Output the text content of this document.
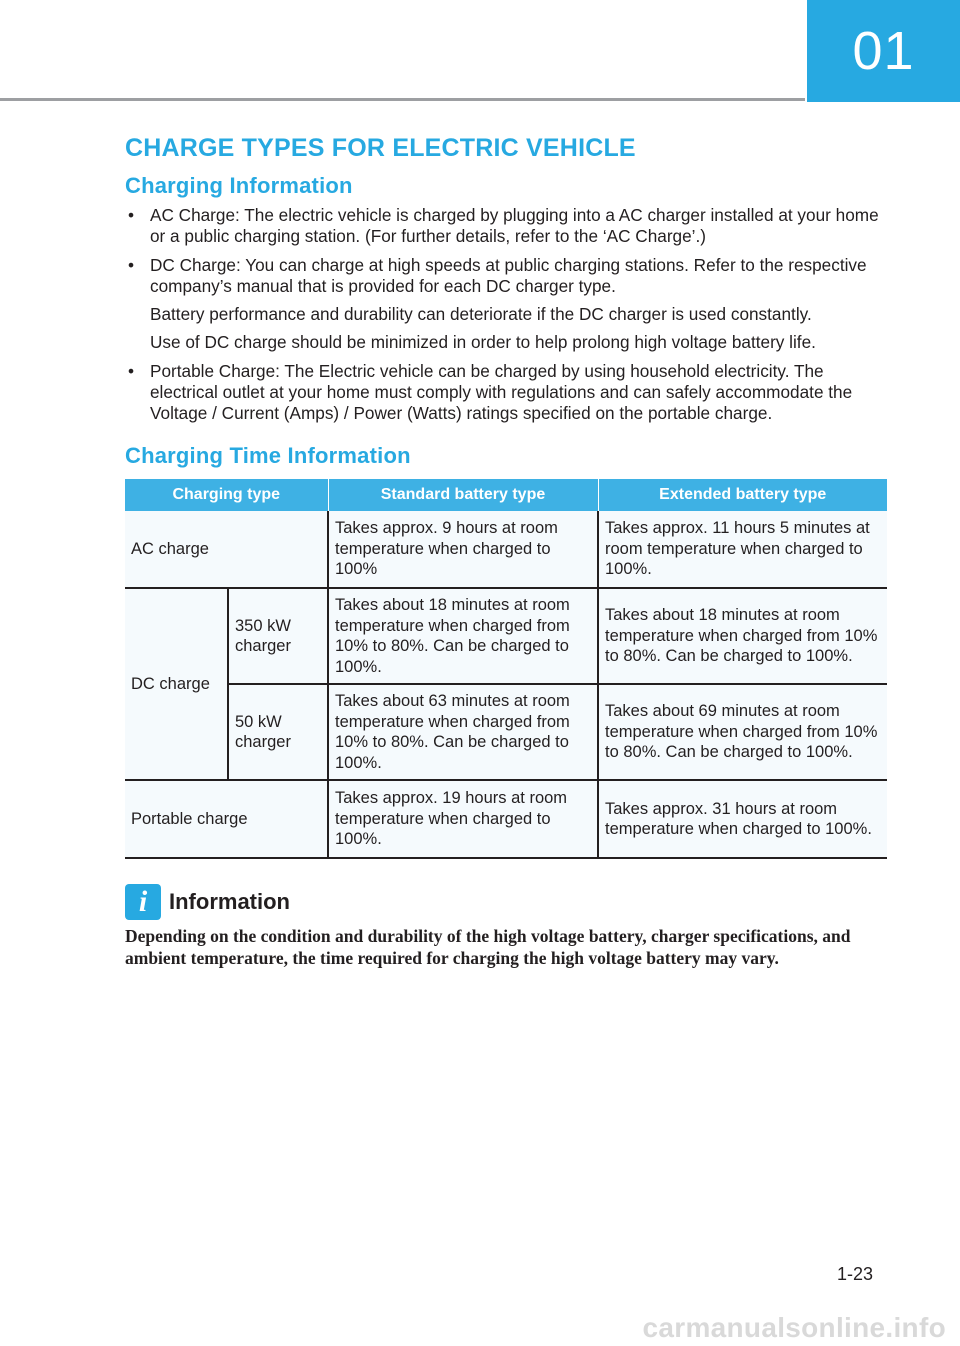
01
CHARGE TYPES FOR ELECTRIC VEHICLE
Charging Information
• AC Charge: The electric vehicle is charged by plugging into a AC charger installed at your home or a public charging station. (For further details, refer to the ‘AC Charge’.)

• DC Charge: You can charge at high speeds at public charging stations. Refer to the respective company’s manual that is provided for each DC charger type.

Battery performance and durability can deteriorate if the DC charger is used constantly.

Use of DC charge should be minimized in order to help prolong high voltage battery life.

• Portable Charge: The Electric vehicle can be charged by using household electricity. The electrical outlet at your home must comply with regulations and can safely accommodate the Voltage / Current (Amps) / Power (Watts) ratings specified on the portable charge.

Charging Time Information
Charging type		Standard battery type	Extended battery type
AC charge		Takes approx. 9 hours at room temperature when charged to 100%	Takes approx. 11 hours 5 minutes at room temperature when charged to 100%.
DC charge	350 kW charger	Takes about 18 minutes at room temperature when charged from 10% to 80%. Can be charged to 100%.	Takes about 18 minutes at room temperature when charged from 10% to 80%. Can be charged to 100%.
	50 kW charger	Takes about 63 minutes at room temperature when charged from 10% to 80%. Can be charged to 100%.	Takes about 69 minutes at room temperature when charged from 10% to 80%. Can be charged to 100%.
Portable charge		Takes approx. 19 hours at room temperature when charged to 100%.	Takes approx. 31 hours at room temperature when charged to 100%.
i Information
Depending on the condition and durability of the high voltage battery, charger specifications, and ambient temperature, the time required for charging the high voltage battery may vary.
1-23
carmanualsonline.info
